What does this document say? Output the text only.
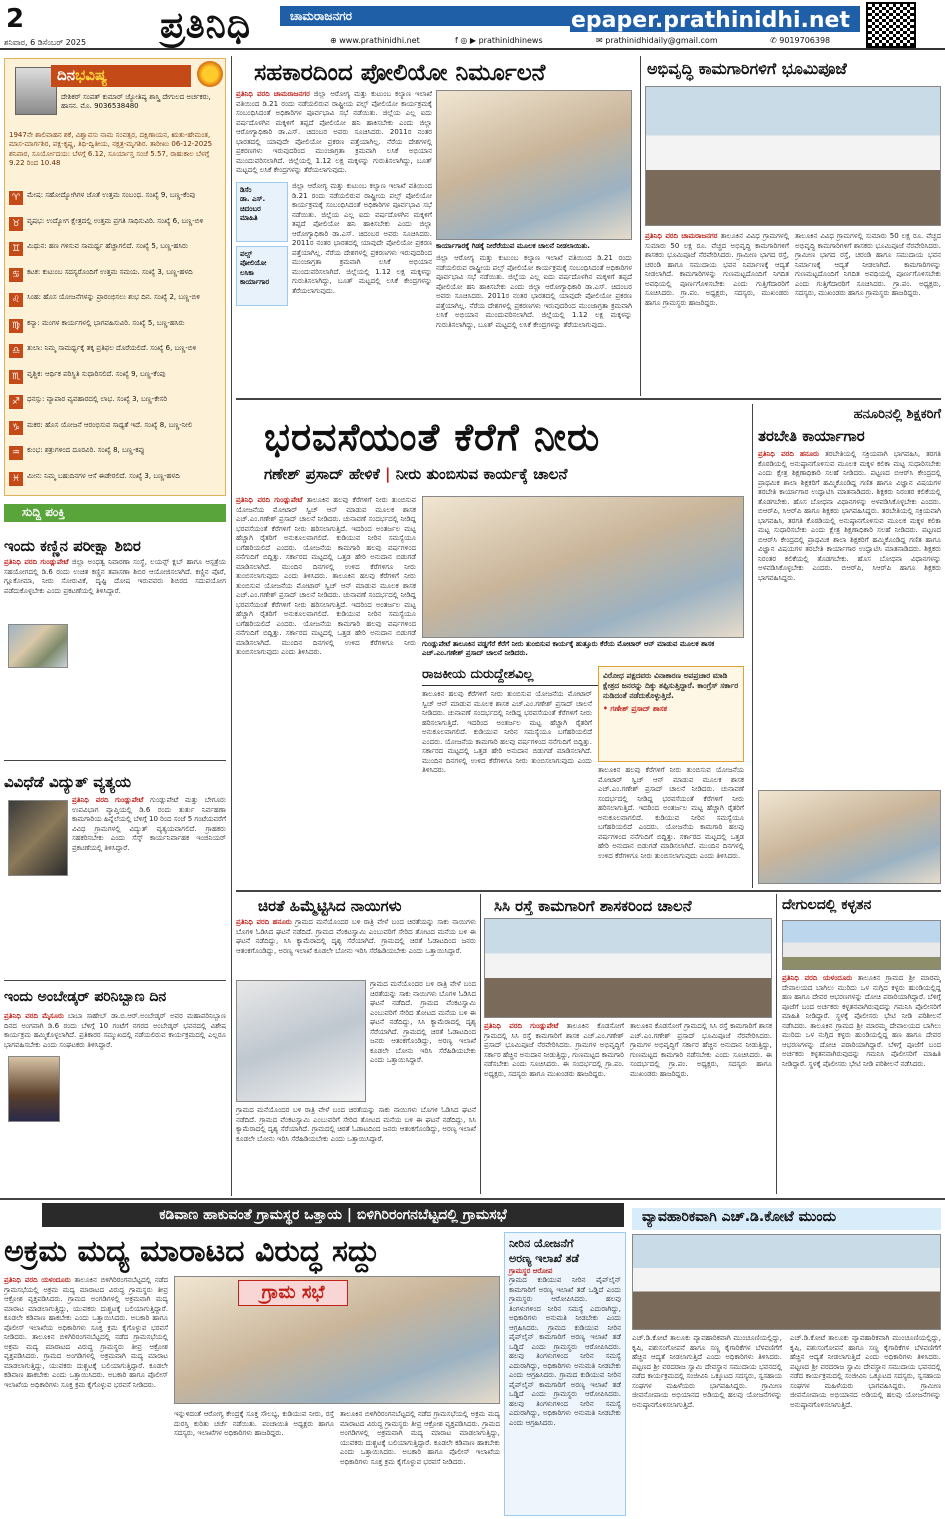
2	ಪ್ರತಿನಿಧಿ	ಚಾಮರಾಜನಗರ	epaper.prathinidhi.net
ಶನಿವಾರ, 6 ಡಿಸೆಂಬರ್ 2025	⊕ www.prathinidhi.net	f ◎ ▶ prathinidhinews	✉ prathinidhidaily@gmail.com	✆ 9019706398
ದಿನಭವಿಷ್ಯ
ದೇಶಿಕರ್ ಸಂಪತ್ ಕುಮಾರ್ ಜ್ಯೋತಿಷ್ಯ ಶಾಸ್ತ್ರಿ ದೇಗುಲದ ಅರ್ಚಕರು, ಹಾಸನ. ಮೊ. 9036538480
1947ನೇ ಶಾಲಿವಾಹನ ಶಕೆ, ವಿಶ್ವಾವಸು ನಾಮ ಸಂವತ್ಸರ, ದಕ್ಷಿಣಾಯನ, ಋತು-ಹೇಮಂತ, ಮಾಸ-ಮಾರ್ಗಶಿರ, ಪಕ್ಷ-ಕೃಷ್ಣ, ತಿಥಿ-ದ್ವಿತೀಯ, ನಕ್ಷತ್ರ-ಮೃಗಶಿರ. ತಾರೀಖು 06-12-2025 ಶನಿವಾರ, ಸೂರ್ಯೋದಯ: ಬೆಳಗ್ಗೆ 6.12, ಸೂರ್ಯಾಸ್ತ ಸಂಜೆ 5.57, ರಾಹುಕಾಲ ಬೆಳಗ್ಗೆ 9.22 ರಿಂದ 10.48
♈ ಮೇಷ: ಸಹೋದ್ಯೋಗಿಗಳ ಜೊತೆ ಉತ್ತಮ ಸಂಬಂಧ. ಸಂಖ್ಯೆ 9, ಬಣ್ಣ-ಕೆಂಪು
♉ ವೃಷಭ: ಉದ್ಯೋಗ ಕ್ಷೇತ್ರದಲ್ಲಿ ಉತ್ತಮ ಪ್ರಗತಿ ಸಾಧಿಸುವಿರಿ. ಸಂಖ್ಯೆ 6, ಬಣ್ಣ-ಬಿಳಿ
♊ ಮಿಥುನ: ಹಣ ಗಳಿಸುವ ಸಾಮರ್ಥ್ಯ ಹೆಚ್ಚಾಗಲಿದೆ. ಸಂಖ್ಯೆ 5, ಬಣ್ಣ-ಹಸಿರು
♋ ಕಟಕ: ಕುಟುಂಬ ಸದಸ್ಯರೊಂದಿಗೆ ಉತ್ತಮ ಸಮಯ. ಸಂಖ್ಯೆ 3, ಬಣ್ಣ-ಹಳದಿ
♌ ಸಿಂಹ: ಹೊಸ ಯೋಜನೆಗಳನ್ನು ಪ್ರಾರಂಭಿಸಲು ಶುಭ ದಿನ. ಸಂಖ್ಯೆ 2, ಬಣ್ಣ-ಬಿಳಿ
♍ ಕನ್ಯಾ: ಮಂಗಳ ಕಾರ್ಯಗಳಲ್ಲಿ ಭಾಗವಹಿಸುವಿರಿ. ಸಂಖ್ಯೆ 5, ಬಣ್ಣ-ಹಸಿರು
♎ ತುಲಾ: ನಿಮ್ಮ ಸಾಮರ್ಥ್ಯಕ್ಕೆ ತಕ್ಕ ಪ್ರತಿಫಲ ದೊರೆಯಲಿದೆ. ಸಂಖ್ಯೆ 6, ಬಣ್ಣ-ಬಿಳಿ
♏ ವೃಶ್ಚಿಕ: ಆರ್ಥಿಕ ಪರಿಸ್ಥಿತಿ ಸುಧಾರಿಸಲಿದೆ. ಸಂಖ್ಯೆ 9, ಬಣ್ಣ-ಕೆಂಪು
♐ ಧನಸ್ಸು: ವ್ಯಾಪಾರ ವ್ಯವಹಾರದಲ್ಲಿ ಲಾಭ. ಸಂಖ್ಯೆ 3, ಬಣ್ಣ-ಕೇಸರಿ
♑ ಮಕರ: ಹೊಸ ಯೋಜನೆ ಆರಂಭಿಸುವ ಸಾಧ್ಯತೆ ಇದೆ. ಸಂಖ್ಯೆ 8, ಬಣ್ಣ-ನೀಲಿ
♒ ಕುಂಭ: ಶತ್ರುಗಳಿಂದ ದೂರವಿರಿ. ಸಂಖ್ಯೆ 8, ಬಣ್ಣ-ಕಪ್ಪು
♓ ಮೀನ: ನಿಮ್ಮ ಬಹುದಿನಗಳ ಆಸೆ ಈಡೇರಲಿದೆ. ಸಂಖ್ಯೆ 3, ಬಣ್ಣ-ಹಳದಿ
ಸುದ್ದಿ ಪಂಕ್ತಿ
ಇಂದು ಕಣ್ಣಿನ ಪರೀಕ್ಷಾ ಶಿಬಿರ
ಪ್ರತಿನಿಧಿ ವರದಿ ಗುಂಡ್ಲುಪೇಟೆ ಜಿಲ್ಲಾ ಅಂಧತ್ವ ನಿವಾರಣಾ ಸಂಸ್ಥೆ, ಲಯನ್ಸ್ ಕ್ಲಬ್ ಹಾಗೂ ಆಸ್ಪತ್ರೆಯ ಸಹಯೋಗದಲ್ಲಿ ಡಿ.6 ರಂದು ಉಚಿತ ಕಣ್ಣಿನ ತಪಾಸಣಾ ಶಿಬಿರ ಆಯೋಜಿಸಲಾಗಿದೆ. ಕಣ್ಣಿನ ಪೊರೆ, ಗ್ಲೂಕೋಮಾ, ನೀರು ಸೋರುವಿಕೆ, ದೃಷ್ಟಿ ದೋಷ ಇರುವವರು ಶಿಬಿರದ ಸದುಪಯೋಗ ಪಡೆದುಕೊಳ್ಳಬೇಕು ಎಂದು ಪ್ರಕಟಣೆಯಲ್ಲಿ ತಿಳಿಸಿದ್ದಾರೆ.
ವಿವಿಧೆಡೆ ವಿದ್ಯುತ್ ವ್ಯತ್ಯಯ
ಪ್ರತಿನಿಧಿ ವರದಿ ಗುಂಡ್ಲುಪೇಟೆ ಗುಂಡ್ಲುಪೇಟೆ ಮತ್ತು ಬೇಗೂರು ಉಪವಿಭಾಗ ವ್ಯಾಪ್ತಿಯಲ್ಲಿ ಡಿ.6 ರಂದು ತುರ್ತು ನಿರ್ವಹಣಾ ಕಾಮಗಾರಿಯ ಹಿನ್ನೆಲೆಯಲ್ಲಿ ಬೆಳಿಗ್ಗೆ 10 ರಿಂದ ಸಂಜೆ 5 ಗಂಟೆಯವರೆಗೆ ವಿವಿಧ ಗ್ರಾಮಗಳಲ್ಲಿ ವಿದ್ಯುತ್ ವ್ಯತ್ಯಯವಾಗಲಿದೆ. ಗ್ರಾಹಕರು ಸಹಕರಿಸಬೇಕು ಎಂದು ಸೆಸ್ಕ್ ಕಾರ್ಯನಿರ್ವಾಹಕ ಇಂಜಿನಿಯರ್ ಪ್ರಕಟಣೆಯಲ್ಲಿ ತಿಳಿಸಿದ್ದಾರೆ.
ಇಂದು ಅಂಬೇಡ್ಕರ್ ಪರಿನಿಬ್ಬಾಣ ದಿನ
ಪ್ರತಿನಿಧಿ ವರದಿ ಮೈಸೂರು ಬಾಬಾ ಸಾಹೇಬ್ ಡಾ.ಬಿ.ಆರ್.ಅಂಬೇಡ್ಕರ್ ಅವರ ಮಹಾಪರಿನಿಬ್ಬಾಣ ದಿನದ ಅಂಗವಾಗಿ ಡಿ.6 ರಂದು ಬೆಳಿಗ್ಗೆ 10 ಗಂಟೆಗೆ ನಗರದ ಅಂಬೇಡ್ಕರ್ ಭವನದಲ್ಲಿ ವಿಶೇಷ ಕಾರ್ಯಕ್ರಮ ಹಮ್ಮಿಕೊಳ್ಳಲಾಗಿದೆ. ಪ್ರತಿಕಾರರ ಸಮ್ಮುಖದಲ್ಲಿ ನಡೆಯಲಿರುವ ಕಾರ್ಯಕ್ರಮದಲ್ಲಿ ಎಲ್ಲರೂ ಭಾಗವಹಿಸಬೇಕು ಎಂದು ಸಂಘಟಕರು ತಿಳಿಸಿದ್ದಾರೆ.
ಸಹಕಾರದಿಂದ ಪೋಲಿಯೋ ನಿರ್ಮೂಲನೆ
ಪ್ರತಿನಿಧಿ ವರದಿ ಚಾಮರಾಜನಗರ ಜಿಲ್ಲಾ ಆರೋಗ್ಯ ಮತ್ತು ಕುಟುಂಬ ಕಲ್ಯಾಣ ಇಲಾಖೆ ವತಿಯಿಂದ ಡಿ.21 ರಂದು ನಡೆಯಲಿರುವ ರಾಷ್ಟ್ರೀಯ ಪಲ್ಸ್ ಪೋಲಿಯೋ ಕಾರ್ಯಕ್ರಮಕ್ಕೆ ಸಂಬಂಧಿಸಿದಂತೆ ಅಧಿಕಾರಿಗಳ ಪೂರ್ವಭಾವಿ ಸಭೆ ನಡೆಯಿತು. ಜಿಲ್ಲೆಯ ಎಲ್ಲ ಐದು ವರ್ಷದೊಳಗಿನ ಮಕ್ಕಳಿಗೆ ತಪ್ಪದೆ ಪೋಲಿಯೋ ಹನಿ ಹಾಕಿಸಬೇಕು ಎಂದು ಜಿಲ್ಲಾ ಆರೋಗ್ಯಾಧಿಕಾರಿ ಡಾ.ಎಸ್. ಚಿದಂಬರ ಅವರು ಸೂಚಿಸಿದರು. 2011ರ ನಂತರ ಭಾರತದಲ್ಲಿ ಯಾವುದೇ ಪೋಲಿಯೋ ಪ್ರಕರಣ ಪತ್ತೆಯಾಗಿಲ್ಲ. ನೆರೆಯ ದೇಶಗಳಲ್ಲಿ ಪ್ರಕರಣಗಳು ಇರುವುದರಿಂದ ಮುಂಜಾಗ್ರತಾ ಕ್ರಮವಾಗಿ ಲಸಿಕೆ ಅಭಿಯಾನ ಮುಂದುವರಿಸಲಾಗಿದೆ. ಜಿಲ್ಲೆಯಲ್ಲಿ 1.12 ಲಕ್ಷ ಮಕ್ಕಳನ್ನು ಗುರುತಿಸಲಾಗಿದ್ದು, ಬೂತ್ ಮಟ್ಟದಲ್ಲಿ ಲಸಿಕೆ ಕೇಂದ್ರಗಳನ್ನು ತೆರೆಯಲಾಗುವುದು.
ಕಾರ್ಯಾಗಾರಕ್ಕೆ ಗಿಡಕ್ಕೆ ನೀರೆರೆಯುವ ಮೂಲಕ ಚಾಲನೆ ನೀಡಲಾಯಿತು.
ಡಿಸೆಂ
ಡಾ. ಎಸ್.
ಚಿದಂಬರ
ಮಾಹಿತಿ
ಪಲ್ಸ್
ಪೋಲಿಯೋ
ಲಸಿಕಾ
ಕಾರ್ಯಾಗಾರ
ಜಿಲ್ಲಾ ಆರೋಗ್ಯ ಮತ್ತು ಕುಟುಂಬ ಕಲ್ಯಾಣ ಇಲಾಖೆ ವತಿಯಿಂದ ಡಿ.21 ರಂದು ನಡೆಯಲಿರುವ ರಾಷ್ಟ್ರೀಯ ಪಲ್ಸ್ ಪೋಲಿಯೋ ಕಾರ್ಯಕ್ರಮಕ್ಕೆ ಸಂಬಂಧಿಸಿದಂತೆ ಅಧಿಕಾರಿಗಳ ಪೂರ್ವಭಾವಿ ಸಭೆ ನಡೆಯಿತು. ಜಿಲ್ಲೆಯ ಎಲ್ಲ ಐದು ವರ್ಷದೊಳಗಿನ ಮಕ್ಕಳಿಗೆ ತಪ್ಪದೆ ಪೋಲಿಯೋ ಹನಿ ಹಾಕಿಸಬೇಕು ಎಂದು ಜಿಲ್ಲಾ ಆರೋಗ್ಯಾಧಿಕಾರಿ ಡಾ.ಎಸ್. ಚಿದಂಬರ ಅವರು ಸೂಚಿಸಿದರು. 2011ರ ನಂತರ ಭಾರತದಲ್ಲಿ ಯಾವುದೇ ಪೋಲಿಯೋ ಪ್ರಕರಣ ಪತ್ತೆಯಾಗಿಲ್ಲ. ನೆರೆಯ ದೇಶಗಳಲ್ಲಿ ಪ್ರಕರಣಗಳು ಇರುವುದರಿಂದ ಮುಂಜಾಗ್ರತಾ ಕ್ರಮವಾಗಿ ಲಸಿಕೆ ಅಭಿಯಾನ ಮುಂದುವರಿಸಲಾಗಿದೆ. ಜಿಲ್ಲೆಯಲ್ಲಿ 1.12 ಲಕ್ಷ ಮಕ್ಕಳನ್ನು ಗುರುತಿಸಲಾಗಿದ್ದು, ಬೂತ್ ಮಟ್ಟದಲ್ಲಿ ಲಸಿಕೆ ಕೇಂದ್ರಗಳನ್ನು ತೆರೆಯಲಾಗುವುದು.
ಜಿಲ್ಲಾ ಆರೋಗ್ಯ ಮತ್ತು ಕುಟುಂಬ ಕಲ್ಯಾಣ ಇಲಾಖೆ ವತಿಯಿಂದ ಡಿ.21 ರಂದು ನಡೆಯಲಿರುವ ರಾಷ್ಟ್ರೀಯ ಪಲ್ಸ್ ಪೋಲಿಯೋ ಕಾರ್ಯಕ್ರಮಕ್ಕೆ ಸಂಬಂಧಿಸಿದಂತೆ ಅಧಿಕಾರಿಗಳ ಪೂರ್ವಭಾವಿ ಸಭೆ ನಡೆಯಿತು. ಜಿಲ್ಲೆಯ ಎಲ್ಲ ಐದು ವರ್ಷದೊಳಗಿನ ಮಕ್ಕಳಿಗೆ ತಪ್ಪದೆ ಪೋಲಿಯೋ ಹನಿ ಹಾಕಿಸಬೇಕು ಎಂದು ಜಿಲ್ಲಾ ಆರೋಗ್ಯಾಧಿಕಾರಿ ಡಾ.ಎಸ್. ಚಿದಂಬರ ಅವರು ಸೂಚಿಸಿದರು. 2011ರ ನಂತರ ಭಾರತದಲ್ಲಿ ಯಾವುದೇ ಪೋಲಿಯೋ ಪ್ರಕರಣ ಪತ್ತೆಯಾಗಿಲ್ಲ. ನೆರೆಯ ದೇಶಗಳಲ್ಲಿ ಪ್ರಕರಣಗಳು ಇರುವುದರಿಂದ ಮುಂಜಾಗ್ರತಾ ಕ್ರಮವಾಗಿ ಲಸಿಕೆ ಅಭಿಯಾನ ಮುಂದುವರಿಸಲಾಗಿದೆ. ಜಿಲ್ಲೆಯಲ್ಲಿ 1.12 ಲಕ್ಷ ಮಕ್ಕಳನ್ನು ಗುರುತಿಸಲಾಗಿದ್ದು, ಬೂತ್ ಮಟ್ಟದಲ್ಲಿ ಲಸಿಕೆ ಕೇಂದ್ರಗಳನ್ನು ತೆರೆಯಲಾಗುವುದು.
ಅಭಿವೃದ್ಧಿ ಕಾಮಗಾರಿಗಳಿಗೆ ಭೂಮಿಪೂಜೆ
ಪ್ರತಿನಿಧಿ ವರದಿ ಚಾಮರಾಜನಗರ ತಾಲೂಕಿನ ವಿವಿಧ ಗ್ರಾಮಗಳಲ್ಲಿ ಸುಮಾರು 50 ಲಕ್ಷ ರೂ. ವೆಚ್ಚದ ಅಭಿವೃದ್ಧಿ ಕಾಮಗಾರಿಗಳಿಗೆ ಶಾಸಕರು ಭೂಮಿಪೂಜೆ ನೆರವೇರಿಸಿದರು. ಗ್ರಾಮೀಣ ಭಾಗದ ರಸ್ತೆ, ಚರಂಡಿ ಹಾಗೂ ಸಮುದಾಯ ಭವನ ನಿರ್ಮಾಣಕ್ಕೆ ಆದ್ಯತೆ ನೀಡಲಾಗಿದೆ. ಕಾಮಗಾರಿಗಳನ್ನು ಗುಣಮಟ್ಟದೊಂದಿಗೆ ನಿಗದಿತ ಅವಧಿಯಲ್ಲಿ ಪೂರ್ಣಗೊಳಿಸಬೇಕು ಎಂದು ಗುತ್ತಿಗೆದಾರರಿಗೆ ಸೂಚಿಸಿದರು. ಗ್ರಾ.ಪಂ. ಅಧ್ಯಕ್ಷರು, ಸದಸ್ಯರು, ಮುಖಂಡರು ಹಾಗೂ ಗ್ರಾಮಸ್ಥರು ಹಾಜರಿದ್ದರು.
ತಾಲೂಕಿನ ವಿವಿಧ ಗ್ರಾಮಗಳಲ್ಲಿ ಸುಮಾರು 50 ಲಕ್ಷ ರೂ. ವೆಚ್ಚದ ಅಭಿವೃದ್ಧಿ ಕಾಮಗಾರಿಗಳಿಗೆ ಶಾಸಕರು ಭೂಮಿಪೂಜೆ ನೆರವೇರಿಸಿದರು. ಗ್ರಾಮೀಣ ಭಾಗದ ರಸ್ತೆ, ಚರಂಡಿ ಹಾಗೂ ಸಮುದಾಯ ಭವನ ನಿರ್ಮಾಣಕ್ಕೆ ಆದ್ಯತೆ ನೀಡಲಾಗಿದೆ. ಕಾಮಗಾರಿಗಳನ್ನು ಗುಣಮಟ್ಟದೊಂದಿಗೆ ನಿಗದಿತ ಅವಧಿಯಲ್ಲಿ ಪೂರ್ಣಗೊಳಿಸಬೇಕು ಎಂದು ಗುತ್ತಿಗೆದಾರರಿಗೆ ಸೂಚಿಸಿದರು. ಗ್ರಾ.ಪಂ. ಅಧ್ಯಕ್ಷರು, ಸದಸ್ಯರು, ಮುಖಂಡರು ಹಾಗೂ ಗ್ರಾಮಸ್ಥರು ಹಾಜರಿದ್ದರು.
ಭರವಸೆಯಂತೆ ಕೆರೆಗೆ ನೀರು
ಗಣೇಶ್ ಪ್ರಸಾದ್ ಹೇಳಿಕೆ | ನೀರು ತುಂಬಿಸುವ ಕಾರ್ಯಕ್ಕೆ ಚಾಲನೆ
ಪ್ರತಿನಿಧಿ ವರದಿ ಗುಂಡ್ಲುಪೇಟೆ ತಾಲೂಕಿನ ಹಲವು ಕೆರೆಗಳಿಗೆ ನೀರು ತುಂಬಿಸುವ ಯೋಜನೆಯ ಮೋಟಾರ್ ಸ್ವಿಚ್ ಆನ್ ಮಾಡುವ ಮೂಲಕ ಶಾಸಕ ಎಚ್.ಎಂ.ಗಣೇಶ್ ಪ್ರಸಾದ್ ಚಾಲನೆ ನೀಡಿದರು. ಚುನಾವಣೆ ಸಂದರ್ಭದಲ್ಲಿ ನೀಡಿದ್ದ ಭರವಸೆಯಂತೆ ಕೆರೆಗಳಿಗೆ ನೀರು ಹರಿಸಲಾಗುತ್ತಿದೆ. ಇದರಿಂದ ಅಂತರ್ಜಲ ಮಟ್ಟ ಹೆಚ್ಚಾಗಿ ರೈತರಿಗೆ ಅನುಕೂಲವಾಗಲಿದೆ. ಕುಡಿಯುವ ನೀರಿನ ಸಮಸ್ಯೆಯೂ ಬಗೆಹರಿಯಲಿದೆ ಎಂದರು. ಯೋಜನೆಯ ಕಾಮಗಾರಿ ಹಲವು ವರ್ಷಗಳಿಂದ ನನೆಗುದಿಗೆ ಬಿದ್ದಿತ್ತು. ಸರ್ಕಾರದ ಮಟ್ಟದಲ್ಲಿ ಒತ್ತಡ ಹೇರಿ ಅನುದಾನ ಬಿಡುಗಡೆ ಮಾಡಿಸಲಾಗಿದೆ. ಮುಂದಿನ ದಿನಗಳಲ್ಲಿ ಉಳಿದ ಕೆರೆಗಳಿಗೂ ನೀರು ತುಂಬಿಸಲಾಗುವುದು ಎಂದು ತಿಳಿಸಿದರು. ತಾಲೂಕಿನ ಹಲವು ಕೆರೆಗಳಿಗೆ ನೀರು ತುಂಬಿಸುವ ಯೋಜನೆಯ ಮೋಟಾರ್ ಸ್ವಿಚ್ ಆನ್ ಮಾಡುವ ಮೂಲಕ ಶಾಸಕ ಎಚ್.ಎಂ.ಗಣೇಶ್ ಪ್ರಸಾದ್ ಚಾಲನೆ ನೀಡಿದರು. ಚುನಾವಣೆ ಸಂದರ್ಭದಲ್ಲಿ ನೀಡಿದ್ದ ಭರವಸೆಯಂತೆ ಕೆರೆಗಳಿಗೆ ನೀರು ಹರಿಸಲಾಗುತ್ತಿದೆ. ಇದರಿಂದ ಅಂತರ್ಜಲ ಮಟ್ಟ ಹೆಚ್ಚಾಗಿ ರೈತರಿಗೆ ಅನುಕೂಲವಾಗಲಿದೆ. ಕುಡಿಯುವ ನೀರಿನ ಸಮಸ್ಯೆಯೂ ಬಗೆಹರಿಯಲಿದೆ ಎಂದರು. ಯೋಜನೆಯ ಕಾಮಗಾರಿ ಹಲವು ವರ್ಷಗಳಿಂದ ನನೆಗುದಿಗೆ ಬಿದ್ದಿತ್ತು. ಸರ್ಕಾರದ ಮಟ್ಟದಲ್ಲಿ ಒತ್ತಡ ಹೇರಿ ಅನುದಾನ ಬಿಡುಗಡೆ ಮಾಡಿಸಲಾಗಿದೆ. ಮುಂದಿನ ದಿನಗಳಲ್ಲಿ ಉಳಿದ ಕೆರೆಗಳಿಗೂ ನೀರು ತುಂಬಿಸಲಾಗುವುದು ಎಂದು ತಿಳಿಸಿದರು.
ಗುಂಡ್ಲುಪೇಟೆ ತಾಲೂಕಿನ ವಡ್ಡಗೆರೆ ಕೆರೆಗೆ ನೀರು ತುಂಬಿಸುವ ಕಾರ್ಯಕ್ಕೆ ಹುತ್ತೂರು ಕೆರೆಯ ಮೋಟಾರ್ ಆನ್ ಮಾಡುವ ಮೂಲಕ ಶಾಸಕ ಎಚ್.ಎಂ.ಗಣೇಶ್ ಪ್ರಸಾದ್ ಚಾಲನೆ ನೀಡಿದರು.
ರಾಜಕೀಯ ದುರುದ್ದೇಶವಿಲ್ಲ
ತಾಲೂಕಿನ ಹಲವು ಕೆರೆಗಳಿಗೆ ನೀರು ತುಂಬಿಸುವ ಯೋಜನೆಯ ಮೋಟಾರ್ ಸ್ವಿಚ್ ಆನ್ ಮಾಡುವ ಮೂಲಕ ಶಾಸಕ ಎಚ್.ಎಂ.ಗಣೇಶ್ ಪ್ರಸಾದ್ ಚಾಲನೆ ನೀಡಿದರು. ಚುನಾವಣೆ ಸಂದರ್ಭದಲ್ಲಿ ನೀಡಿದ್ದ ಭರವಸೆಯಂತೆ ಕೆರೆಗಳಿಗೆ ನೀರು ಹರಿಸಲಾಗುತ್ತಿದೆ. ಇದರಿಂದ ಅಂತರ್ಜಲ ಮಟ್ಟ ಹೆಚ್ಚಾಗಿ ರೈತರಿಗೆ ಅನುಕೂಲವಾಗಲಿದೆ. ಕುಡಿಯುವ ನೀರಿನ ಸಮಸ್ಯೆಯೂ ಬಗೆಹರಿಯಲಿದೆ ಎಂದರು. ಯೋಜನೆಯ ಕಾಮಗಾರಿ ಹಲವು ವರ್ಷಗಳಿಂದ ನನೆಗುದಿಗೆ ಬಿದ್ದಿತ್ತು. ಸರ್ಕಾರದ ಮಟ್ಟದಲ್ಲಿ ಒತ್ತಡ ಹೇರಿ ಅನುದಾನ ಬಿಡುಗಡೆ ಮಾಡಿಸಲಾಗಿದೆ. ಮುಂದಿನ ದಿನಗಳಲ್ಲಿ ಉಳಿದ ಕೆರೆಗಳಿಗೂ ನೀರು ತುಂಬಿಸಲಾಗುವುದು ಎಂದು ತಿಳಿಸಿದರು.
ವಿರೋಧ ಪಕ್ಷದವರು ವಿನಾಕಾರಣ ಅಪಪ್ರಚಾರ ಮಾಡಿ ಕ್ಷೇತ್ರದ ಜನರನ್ನು ದಿಕ್ಕು ತಪ್ಪಿಸುತ್ತಿದ್ದಾರೆ. ಕಾಂಗ್ರೆಸ್ ಸರ್ಕಾರ ನುಡಿದಂತೆ ನಡೆದುಕೊಳ್ಳುತ್ತಿದೆ.
• ಗಣೇಶ್ ಪ್ರಸಾದ್ ಶಾಸಕ
ತಾಲೂಕಿನ ಹಲವು ಕೆರೆಗಳಿಗೆ ನೀರು ತುಂಬಿಸುವ ಯೋಜನೆಯ ಮೋಟಾರ್ ಸ್ವಿಚ್ ಆನ್ ಮಾಡುವ ಮೂಲಕ ಶಾಸಕ ಎಚ್.ಎಂ.ಗಣೇಶ್ ಪ್ರಸಾದ್ ಚಾಲನೆ ನೀಡಿದರು. ಚುನಾವಣೆ ಸಂದರ್ಭದಲ್ಲಿ ನೀಡಿದ್ದ ಭರವಸೆಯಂತೆ ಕೆರೆಗಳಿಗೆ ನೀರು ಹರಿಸಲಾಗುತ್ತಿದೆ. ಇದರಿಂದ ಅಂತರ್ಜಲ ಮಟ್ಟ ಹೆಚ್ಚಾಗಿ ರೈತರಿಗೆ ಅನುಕೂಲವಾಗಲಿದೆ. ಕುಡಿಯುವ ನೀರಿನ ಸಮಸ್ಯೆಯೂ ಬಗೆಹರಿಯಲಿದೆ ಎಂದರು. ಯೋಜನೆಯ ಕಾಮಗಾರಿ ಹಲವು ವರ್ಷಗಳಿಂದ ನನೆಗುದಿಗೆ ಬಿದ್ದಿತ್ತು. ಸರ್ಕಾರದ ಮಟ್ಟದಲ್ಲಿ ಒತ್ತಡ ಹೇರಿ ಅನುದಾನ ಬಿಡುಗಡೆ ಮಾಡಿಸಲಾಗಿದೆ. ಮುಂದಿನ ದಿನಗಳಲ್ಲಿ ಉಳಿದ ಕೆರೆಗಳಿಗೂ ನೀರು ತುಂಬಿಸಲಾಗುವುದು ಎಂದು ತಿಳಿಸಿದರು.
ಹನೂರಿನಲ್ಲಿ ಶಿಕ್ಷಕರಿಗೆ
ತರಬೇತಿ ಕಾರ್ಯಾಗಾರ
ಪ್ರತಿನಿಧಿ ವರದಿ ಹನೂರು ತರಬೇತಿಯಲ್ಲಿ ಸಕ್ರಿಯವಾಗಿ ಭಾಗವಹಿಸಿ, ತರಗತಿ ಕೊಠಡಿಯಲ್ಲಿ ಅನುಷ್ಠಾನಗೊಳಿಸುವ ಮೂಲಕ ಮಕ್ಕಳ ಕಲಿಕಾ ಮಟ್ಟ ಸುಧಾರಿಸಬೇಕು ಎಂದು ಕ್ಷೇತ್ರ ಶಿಕ್ಷಣಾಧಿಕಾರಿ ಸಲಹೆ ನೀಡಿದರು. ಪಟ್ಟಣದ ಬಿಆರ್‌ಸಿ ಕೇಂದ್ರದಲ್ಲಿ ಪ್ರಾಥಮಿಕ ಶಾಲಾ ಶಿಕ್ಷಕರಿಗೆ ಹಮ್ಮಿಕೊಂಡಿದ್ದ ಗಣಿತ ಹಾಗೂ ವಿಜ್ಞಾನ ವಿಷಯಗಳ ತರಬೇತಿ ಕಾರ್ಯಾಗಾರ ಉದ್ಘಾಟಿಸಿ ಮಾತನಾಡಿದರು. ಶಿಕ್ಷಕರು ನಿರಂತರ ಕಲಿಕೆಯಲ್ಲಿ ತೊಡಗಬೇಕು. ಹೊಸ ಬೋಧನಾ ವಿಧಾನಗಳನ್ನು ಅಳವಡಿಸಿಕೊಳ್ಳಬೇಕು ಎಂದರು. ಬಿಆರ್‌ಪಿ, ಸಿಆರ್‌ಪಿ ಹಾಗೂ ಶಿಕ್ಷಕರು ಭಾಗವಹಿಸಿದ್ದರು. ತರಬೇತಿಯಲ್ಲಿ ಸಕ್ರಿಯವಾಗಿ ಭಾಗವಹಿಸಿ, ತರಗತಿ ಕೊಠಡಿಯಲ್ಲಿ ಅನುಷ್ಠಾನಗೊಳಿಸುವ ಮೂಲಕ ಮಕ್ಕಳ ಕಲಿಕಾ ಮಟ್ಟ ಸುಧಾರಿಸಬೇಕು ಎಂದು ಕ್ಷೇತ್ರ ಶಿಕ್ಷಣಾಧಿಕಾರಿ ಸಲಹೆ ನೀಡಿದರು. ಪಟ್ಟಣದ ಬಿಆರ್‌ಸಿ ಕೇಂದ್ರದಲ್ಲಿ ಪ್ರಾಥಮಿಕ ಶಾಲಾ ಶಿಕ್ಷಕರಿಗೆ ಹಮ್ಮಿಕೊಂಡಿದ್ದ ಗಣಿತ ಹಾಗೂ ವಿಜ್ಞಾನ ವಿಷಯಗಳ ತರಬೇತಿ ಕಾರ್ಯಾಗಾರ ಉದ್ಘಾಟಿಸಿ ಮಾತನಾಡಿದರು. ಶಿಕ್ಷಕರು ನಿರಂತರ ಕಲಿಕೆಯಲ್ಲಿ ತೊಡಗಬೇಕು. ಹೊಸ ಬೋಧನಾ ವಿಧಾನಗಳನ್ನು ಅಳವಡಿಸಿಕೊಳ್ಳಬೇಕು ಎಂದರು. ಬಿಆರ್‌ಪಿ, ಸಿಆರ್‌ಪಿ ಹಾಗೂ ಶಿಕ್ಷಕರು ಭಾಗವಹಿಸಿದ್ದರು.
ಚಿರತೆ ಹಿಮ್ಮೆಟ್ಟಿಸಿದ ನಾಯಿಗಳು
ಪ್ರತಿನಿಧಿ ವರದಿ ಹನೂರು ಗ್ರಾಮದ ಮನೆಯೊಂದರ ಬಳಿ ರಾತ್ರಿ ವೇಳೆ ಬಂದ ಚಿರತೆಯನ್ನು ಸಾಕು ನಾಯಿಗಳು ಬೊಗಳಿ ಓಡಿಸಿದ ಘಟನೆ ನಡೆದಿದೆ. ಗ್ರಾಮದ ವೆಂಕಟಸ್ವಾಮಿ ಎಂಬುವರಿಗೆ ಸೇರಿದ ತೋಟದ ಮನೆಯ ಬಳಿ ಈ ಘಟನೆ ನಡೆದಿದ್ದು, ಸಿಸಿ ಕ್ಯಾಮೆರಾದಲ್ಲಿ ದೃಶ್ಯ ಸೆರೆಯಾಗಿದೆ. ಗ್ರಾಮದಲ್ಲಿ ಚಿರತೆ ಓಡಾಟದಿಂದ ಜನರು ಆತಂಕಗೊಂಡಿದ್ದು, ಅರಣ್ಯ ಇಲಾಖೆ ಕೂಡಲೇ ಬೋನು ಇರಿಸಿ ಸೆರೆಹಿಡಿಯಬೇಕು ಎಂದು ಒತ್ತಾಯಿಸಿದ್ದಾರೆ.
ಗ್ರಾಮದ ಮನೆಯೊಂದರ ಬಳಿ ರಾತ್ರಿ ವೇಳೆ ಬಂದ ಚಿರತೆಯನ್ನು ಸಾಕು ನಾಯಿಗಳು ಬೊಗಳಿ ಓಡಿಸಿದ ಘಟನೆ ನಡೆದಿದೆ. ಗ್ರಾಮದ ವೆಂಕಟಸ್ವಾಮಿ ಎಂಬುವರಿಗೆ ಸೇರಿದ ತೋಟದ ಮನೆಯ ಬಳಿ ಈ ಘಟನೆ ನಡೆದಿದ್ದು, ಸಿಸಿ ಕ್ಯಾಮೆರಾದಲ್ಲಿ ದೃಶ್ಯ ಸೆರೆಯಾಗಿದೆ. ಗ್ರಾಮದಲ್ಲಿ ಚಿರತೆ ಓಡಾಟದಿಂದ ಜನರು ಆತಂಕಗೊಂಡಿದ್ದು, ಅರಣ್ಯ ಇಲಾಖೆ ಕೂಡಲೇ ಬೋನು ಇರಿಸಿ ಸೆರೆಹಿಡಿಯಬೇಕು ಎಂದು ಒತ್ತಾಯಿಸಿದ್ದಾರೆ.
ಗ್ರಾಮದ ಮನೆಯೊಂದರ ಬಳಿ ರಾತ್ರಿ ವೇಳೆ ಬಂದ ಚಿರತೆಯನ್ನು ಸಾಕು ನಾಯಿಗಳು ಬೊಗಳಿ ಓಡಿಸಿದ ಘಟನೆ ನಡೆದಿದೆ. ಗ್ರಾಮದ ವೆಂಕಟಸ್ವಾಮಿ ಎಂಬುವರಿಗೆ ಸೇರಿದ ತೋಟದ ಮನೆಯ ಬಳಿ ಈ ಘಟನೆ ನಡೆದಿದ್ದು, ಸಿಸಿ ಕ್ಯಾಮೆರಾದಲ್ಲಿ ದೃಶ್ಯ ಸೆರೆಯಾಗಿದೆ. ಗ್ರಾಮದಲ್ಲಿ ಚಿರತೆ ಓಡಾಟದಿಂದ ಜನರು ಆತಂಕಗೊಂಡಿದ್ದು, ಅರಣ್ಯ ಇಲಾಖೆ ಕೂಡಲೇ ಬೋನು ಇರಿಸಿ ಸೆರೆಹಿಡಿಯಬೇಕು ಎಂದು ಒತ್ತಾಯಿಸಿದ್ದಾರೆ.
ಸಿಸಿ ರಸ್ತೆ ಕಾಮಗಾರಿಗೆ ಶಾಸಕರಿಂದ ಚಾಲನೆ
ಪ್ರತಿನಿಧಿ ವರದಿ ಗುಂಡ್ಲುಪೇಟೆ ತಾಲೂಕಿನ ಕೊಡಸೋಗೆ ಗ್ರಾಮದಲ್ಲಿ ಸಿಸಿ ರಸ್ತೆ ಕಾಮಗಾರಿಗೆ ಶಾಸಕ ಎಚ್.ಎಂ.ಗಣೇಶ್ ಪ್ರಸಾದ್ ಭೂಮಿಪೂಜೆ ನೆರವೇರಿಸಿದರು. ಗ್ರಾಮಗಳ ಅಭಿವೃದ್ಧಿಗೆ ಸರ್ಕಾರ ಹೆಚ್ಚಿನ ಅನುದಾನ ನೀಡುತ್ತಿದ್ದು, ಗುಣಮಟ್ಟದ ಕಾಮಗಾರಿ ನಡೆಸಬೇಕು ಎಂದು ಸೂಚಿಸಿದರು. ಈ ಸಂದರ್ಭದಲ್ಲಿ ಗ್ರಾ.ಪಂ. ಅಧ್ಯಕ್ಷರು, ಸದಸ್ಯರು ಹಾಗೂ ಮುಖಂಡರು ಹಾಜರಿದ್ದರು.
ತಾಲೂಕಿನ ಕೊಡಸೋಗೆ ಗ್ರಾಮದಲ್ಲಿ ಸಿಸಿ ರಸ್ತೆ ಕಾಮಗಾರಿಗೆ ಶಾಸಕ ಎಚ್.ಎಂ.ಗಣೇಶ್ ಪ್ರಸಾದ್ ಭೂಮಿಪೂಜೆ ನೆರವೇರಿಸಿದರು. ಗ್ರಾಮಗಳ ಅಭಿವೃದ್ಧಿಗೆ ಸರ್ಕಾರ ಹೆಚ್ಚಿನ ಅನುದಾನ ನೀಡುತ್ತಿದ್ದು, ಗುಣಮಟ್ಟದ ಕಾಮಗಾರಿ ನಡೆಸಬೇಕು ಎಂದು ಸೂಚಿಸಿದರು. ಈ ಸಂದರ್ಭದಲ್ಲಿ ಗ್ರಾ.ಪಂ. ಅಧ್ಯಕ್ಷರು, ಸದಸ್ಯರು ಹಾಗೂ ಮುಖಂಡರು ಹಾಜರಿದ್ದರು.
ದೇಗುಲದಲ್ಲಿ ಕಳ್ಳತನ
ಪ್ರತಿನಿಧಿ ವರದಿ ಯಳಂದೂರು ತಾಲೂಕಿನ ಗ್ರಾಮದ ಶ್ರೀ ಮಾರಮ್ಮ ದೇವಾಲಯದ ಬಾಗಿಲು ಮುರಿದು ಒಳ ನುಗ್ಗಿದ ಕಳ್ಳರು ಹುಂಡಿಯಲ್ಲಿದ್ದ ಹಣ ಹಾಗೂ ದೇವರ ಆಭರಣಗಳನ್ನು ದೋಚಿ ಪರಾರಿಯಾಗಿದ್ದಾರೆ. ಬೆಳಿಗ್ಗೆ ಪೂಜೆಗೆ ಬಂದ ಅರ್ಚಕರು ಕಳ್ಳತನವಾಗಿರುವುದನ್ನು ಗಮನಿಸಿ ಪೊಲೀಸರಿಗೆ ಮಾಹಿತಿ ನೀಡಿದ್ದಾರೆ. ಸ್ಥಳಕ್ಕೆ ಪೊಲೀಸರು ಭೇಟಿ ನೀಡಿ ಪರಿಶೀಲನೆ ನಡೆಸಿದರು. ತಾಲೂಕಿನ ಗ್ರಾಮದ ಶ್ರೀ ಮಾರಮ್ಮ ದೇವಾಲಯದ ಬಾಗಿಲು ಮುರಿದು ಒಳ ನುಗ್ಗಿದ ಕಳ್ಳರು ಹುಂಡಿಯಲ್ಲಿದ್ದ ಹಣ ಹಾಗೂ ದೇವರ ಆಭರಣಗಳನ್ನು ದೋಚಿ ಪರಾರಿಯಾಗಿದ್ದಾರೆ. ಬೆಳಿಗ್ಗೆ ಪೂಜೆಗೆ ಬಂದ ಅರ್ಚಕರು ಕಳ್ಳತನವಾಗಿರುವುದನ್ನು ಗಮನಿಸಿ ಪೊಲೀಸರಿಗೆ ಮಾಹಿತಿ ನೀಡಿದ್ದಾರೆ. ಸ್ಥಳಕ್ಕೆ ಪೊಲೀಸರು ಭೇಟಿ ನೀಡಿ ಪರಿಶೀಲನೆ ನಡೆಸಿದರು.
ಕಡಿವಾಣ ಹಾಕುವಂತೆ ಗ್ರಾಮಸ್ಥರ ಒತ್ತಾಯ | ಬಿಳಿಗಿರಿರಂಗನಬೆಟ್ಟದಲ್ಲಿ ಗ್ರಾಮಸಭೆ
ಅಕ್ರಮ ಮದ್ಯ ಮಾರಾಟದ ವಿರುದ್ಧ ಸದ್ದು
ಪ್ರತಿನಿಧಿ ವರದಿ ಯಳಂದೂರು ತಾಲೂಕಿನ ಬಿಳಿಗಿರಿರಂಗನಬೆಟ್ಟದಲ್ಲಿ ನಡೆದ ಗ್ರಾಮಸಭೆಯಲ್ಲಿ ಅಕ್ರಮ ಮದ್ಯ ಮಾರಾಟದ ವಿರುದ್ಧ ಗ್ರಾಮಸ್ಥರು ತೀವ್ರ ಆಕ್ರೋಶ ವ್ಯಕ್ತಪಡಿಸಿದರು. ಗ್ರಾಮದ ಅಂಗಡಿಗಳಲ್ಲಿ ಅಕ್ರಮವಾಗಿ ಮದ್ಯ ಮಾರಾಟ ಮಾಡಲಾಗುತ್ತಿದ್ದು, ಯುವಕರು ದುಶ್ಚಟಕ್ಕೆ ಬಲಿಯಾಗುತ್ತಿದ್ದಾರೆ. ಕೂಡಲೇ ಕಡಿವಾಣ ಹಾಕಬೇಕು ಎಂದು ಒತ್ತಾಯಿಸಿದರು. ಅಬಕಾರಿ ಹಾಗೂ ಪೊಲೀಸ್ ಇಲಾಖೆಯ ಅಧಿಕಾರಿಗಳು ಸೂಕ್ತ ಕ್ರಮ ಕೈಗೊಳ್ಳುವ ಭರವಸೆ ನೀಡಿದರು. ತಾಲೂಕಿನ ಬಿಳಿಗಿರಿರಂಗನಬೆಟ್ಟದಲ್ಲಿ ನಡೆದ ಗ್ರಾಮಸಭೆಯಲ್ಲಿ ಅಕ್ರಮ ಮದ್ಯ ಮಾರಾಟದ ವಿರುದ್ಧ ಗ್ರಾಮಸ್ಥರು ತೀವ್ರ ಆಕ್ರೋಶ ವ್ಯಕ್ತಪಡಿಸಿದರು. ಗ್ರಾಮದ ಅಂಗಡಿಗಳಲ್ಲಿ ಅಕ್ರಮವಾಗಿ ಮದ್ಯ ಮಾರಾಟ ಮಾಡಲಾಗುತ್ತಿದ್ದು, ಯುವಕರು ದುಶ್ಚಟಕ್ಕೆ ಬಲಿಯಾಗುತ್ತಿದ್ದಾರೆ. ಕೂಡಲೇ ಕಡಿವಾಣ ಹಾಕಬೇಕು ಎಂದು ಒತ್ತಾಯಿಸಿದರು. ಅಬಕಾರಿ ಹಾಗೂ ಪೊಲೀಸ್ ಇಲಾಖೆಯ ಅಧಿಕಾರಿಗಳು ಸೂಕ್ತ ಕ್ರಮ ಕೈಗೊಳ್ಳುವ ಭರವಸೆ ನೀಡಿದರು.
ಗ್ರಾಮ ಸಭೆ
ಇನ್ನುಳಿದಂತೆ ಆರೋಗ್ಯ ಕೇಂದ್ರಕ್ಕೆ ಸೂಕ್ತ ಸೌಲಭ್ಯ, ಕುಡಿಯುವ ನೀರು, ರಸ್ತೆ ದುರಸ್ತಿ ಕುರಿತು ಚರ್ಚೆ ನಡೆಯಿತು. ಪಂಚಾಯಿತಿ ಅಧ್ಯಕ್ಷರು ಹಾಗೂ ಸದಸ್ಯರು, ಇಲಾಖೆಗಳ ಅಧಿಕಾರಿಗಳು ಹಾಜರಿದ್ದರು.
ತಾಲೂಕಿನ ಬಿಳಿಗಿರಿರಂಗನಬೆಟ್ಟದಲ್ಲಿ ನಡೆದ ಗ್ರಾಮಸಭೆಯಲ್ಲಿ ಅಕ್ರಮ ಮದ್ಯ ಮಾರಾಟದ ವಿರುದ್ಧ ಗ್ರಾಮಸ್ಥರು ತೀವ್ರ ಆಕ್ರೋಶ ವ್ಯಕ್ತಪಡಿಸಿದರು. ಗ್ರಾಮದ ಅಂಗಡಿಗಳಲ್ಲಿ ಅಕ್ರಮವಾಗಿ ಮದ್ಯ ಮಾರಾಟ ಮಾಡಲಾಗುತ್ತಿದ್ದು, ಯುವಕರು ದುಶ್ಚಟಕ್ಕೆ ಬಲಿಯಾಗುತ್ತಿದ್ದಾರೆ. ಕೂಡಲೇ ಕಡಿವಾಣ ಹಾಕಬೇಕು ಎಂದು ಒತ್ತಾಯಿಸಿದರು. ಅಬಕಾರಿ ಹಾಗೂ ಪೊಲೀಸ್ ಇಲಾಖೆಯ ಅಧಿಕಾರಿಗಳು ಸೂಕ್ತ ಕ್ರಮ ಕೈಗೊಳ್ಳುವ ಭರವಸೆ ನೀಡಿದರು.
ನೀರಿನ ಯೋಜನೆಗೆ
ಅರಣ್ಯ ಇಲಾಖೆ ತಡೆ
ಗ್ರಾಮಸ್ಥರ ಆರೋಪ
ಗ್ರಾಮದ ಕುಡಿಯುವ ನೀರಿನ ಪೈಪ್‌ಲೈನ್ ಕಾಮಗಾರಿಗೆ ಅರಣ್ಯ ಇಲಾಖೆ ತಡೆ ಒಡ್ಡಿದೆ ಎಂದು ಗ್ರಾಮಸ್ಥರು ಆರೋಪಿಸಿದರು. ಹಲವು ತಿಂಗಳುಗಳಿಂದ ನೀರಿನ ಸಮಸ್ಯೆ ಎದುರಾಗಿದ್ದು, ಅಧಿಕಾರಿಗಳು ಅನುಮತಿ ನೀಡಬೇಕು ಎಂದು ಆಗ್ರಹಿಸಿದರು. ಗ್ರಾಮದ ಕುಡಿಯುವ ನೀರಿನ ಪೈಪ್‌ಲೈನ್ ಕಾಮಗಾರಿಗೆ ಅರಣ್ಯ ಇಲಾಖೆ ತಡೆ ಒಡ್ಡಿದೆ ಎಂದು ಗ್ರಾಮಸ್ಥರು ಆರೋಪಿಸಿದರು. ಹಲವು ತಿಂಗಳುಗಳಿಂದ ನೀರಿನ ಸಮಸ್ಯೆ ಎದುರಾಗಿದ್ದು, ಅಧಿಕಾರಿಗಳು ಅನುಮತಿ ನೀಡಬೇಕು ಎಂದು ಆಗ್ರಹಿಸಿದರು. ಗ್ರಾಮದ ಕುಡಿಯುವ ನೀರಿನ ಪೈಪ್‌ಲೈನ್ ಕಾಮಗಾರಿಗೆ ಅರಣ್ಯ ಇಲಾಖೆ ತಡೆ ಒಡ್ಡಿದೆ ಎಂದು ಗ್ರಾಮಸ್ಥರು ಆರೋಪಿಸಿದರು. ಹಲವು ತಿಂಗಳುಗಳಿಂದ ನೀರಿನ ಸಮಸ್ಯೆ ಎದುರಾಗಿದ್ದು, ಅಧಿಕಾರಿಗಳು ಅನುಮತಿ ನೀಡಬೇಕು ಎಂದು ಆಗ್ರಹಿಸಿದರು.
ವ್ಯಾವಹಾರಿಕವಾಗಿ ಎಚ್.ಡಿ.ಕೋಟೆ ಮುಂದು
ಎಚ್.ಡಿ.ಕೋಟೆ ತಾಲೂಕು ವ್ಯಾವಹಾರಿಕವಾಗಿ ಮುಂಚೂಣಿಯಲ್ಲಿದ್ದು, ಕೃಷಿ, ಪಶುಸಂಗೋಪನೆ ಹಾಗೂ ಸಣ್ಣ ಕೈಗಾರಿಕೆಗಳ ಬೆಳವಣಿಗೆಗೆ ಹೆಚ್ಚಿನ ಆದ್ಯತೆ ನೀಡಲಾಗುತ್ತಿದೆ ಎಂದು ಅಧಿಕಾರಿಗಳು ತಿಳಿಸಿದರು. ಪಟ್ಟಣದ ಶ್ರೀ ವರದರಾಜ ಸ್ವಾಮಿ ದೇವಸ್ಥಾನ ಸಮುದಾಯ ಭವನದಲ್ಲಿ ನಡೆದ ಕಾರ್ಯಕ್ರಮದಲ್ಲಿ ಸಂಜೀವಿನಿ ಒಕ್ಕೂಟದ ಸದಸ್ಯರು, ಸ್ವಸಹಾಯ ಸಂಘಗಳ ಮಹಿಳೆಯರು ಭಾಗವಹಿಸಿದ್ದರು. ಗ್ರಾಮೀಣ ಜೀವನೋಪಾಯ ಅಭಿಯಾನದ ಅಡಿಯಲ್ಲಿ ಹಲವು ಯೋಜನೆಗಳನ್ನು ಅನುಷ್ಠಾನಗೊಳಿಸಲಾಗುತ್ತಿದೆ.
ಎಚ್.ಡಿ.ಕೋಟೆ ತಾಲೂಕು ವ್ಯಾವಹಾರಿಕವಾಗಿ ಮುಂಚೂಣಿಯಲ್ಲಿದ್ದು, ಕೃಷಿ, ಪಶುಸಂಗೋಪನೆ ಹಾಗೂ ಸಣ್ಣ ಕೈಗಾರಿಕೆಗಳ ಬೆಳವಣಿಗೆಗೆ ಹೆಚ್ಚಿನ ಆದ್ಯತೆ ನೀಡಲಾಗುತ್ತಿದೆ ಎಂದು ಅಧಿಕಾರಿಗಳು ತಿಳಿಸಿದರು. ಪಟ್ಟಣದ ಶ್ರೀ ವರದರಾಜ ಸ್ವಾಮಿ ದೇವಸ್ಥಾನ ಸಮುದಾಯ ಭವನದಲ್ಲಿ ನಡೆದ ಕಾರ್ಯಕ್ರಮದಲ್ಲಿ ಸಂಜೀವಿನಿ ಒಕ್ಕೂಟದ ಸದಸ್ಯರು, ಸ್ವಸಹಾಯ ಸಂಘಗಳ ಮಹಿಳೆಯರು ಭಾಗವಹಿಸಿದ್ದರು. ಗ್ರಾಮೀಣ ಜೀವನೋಪಾಯ ಅಭಿಯಾನದ ಅಡಿಯಲ್ಲಿ ಹಲವು ಯೋಜನೆಗಳನ್ನು ಅನುಷ್ಠಾನಗೊಳಿಸಲಾಗುತ್ತಿದೆ.
